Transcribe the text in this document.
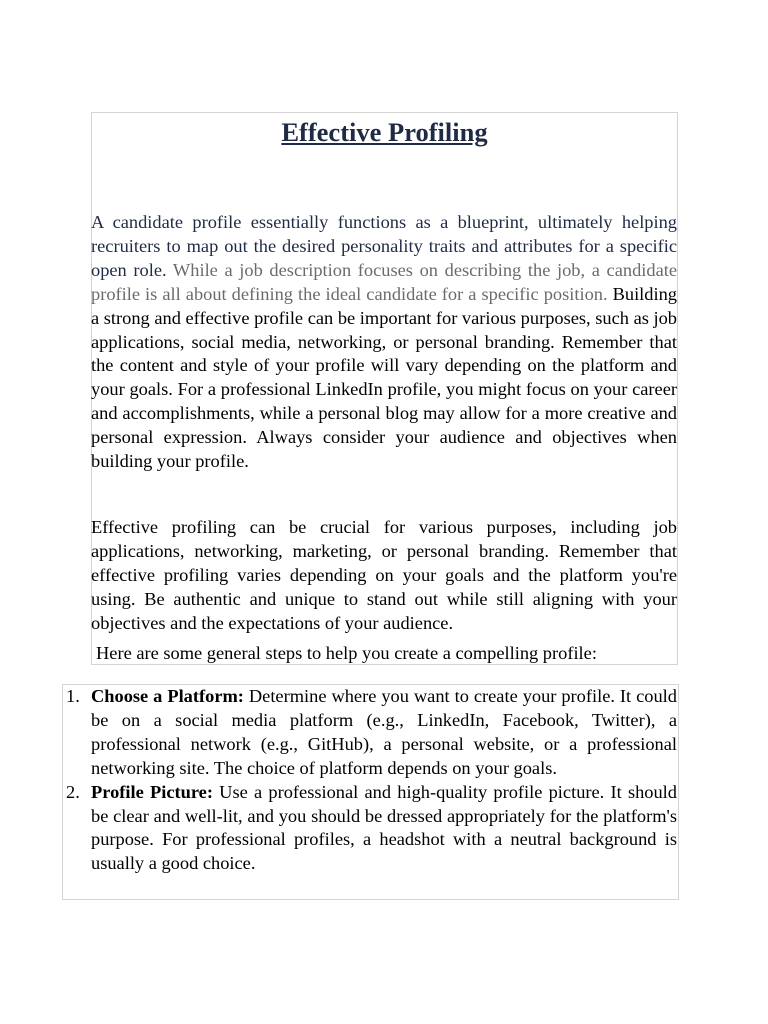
Effective Profiling

A candidate profile essentially functions as a blueprint, ultimately helping recruiters to map out the desired personality traits and attributes for a specific open role. While a job description focuses on describing the job, a candidate profile is all about defining the ideal candidate for a specific position. Building a strong and effective profile can be important for various purposes, such as job applications, social media, networking, or personal branding. Remember that the content and style of your profile will vary depending on the platform and your goals. For a professional LinkedIn profile, you might focus on your career and accomplishments, while a personal blog may allow for a more creative and personal expression. Always consider your audience and objectives when building your profile.

Effective profiling can be crucial for various purposes, including job applications, networking, marketing, or personal branding. Remember that effective profiling varies depending on your goals and the platform you're using. Be authentic and unique to stand out while still aligning with your objectives and the expectations of your audience.

Here are some general steps to help you create a compelling profile:

1. Choose a Platform: Determine where you want to create your profile. It could be on a social media platform (e.g., LinkedIn, Facebook, Twitter), a professional network (e.g., GitHub), a personal website, or a professional networking site. The choice of platform depends on your goals.
2. Profile Picture: Use a professional and high-quality profile picture. It should be clear and well-lit, and you should be dressed appropriately for the platform's purpose. For professional profiles, a headshot with a neutral background is usually a good choice.
